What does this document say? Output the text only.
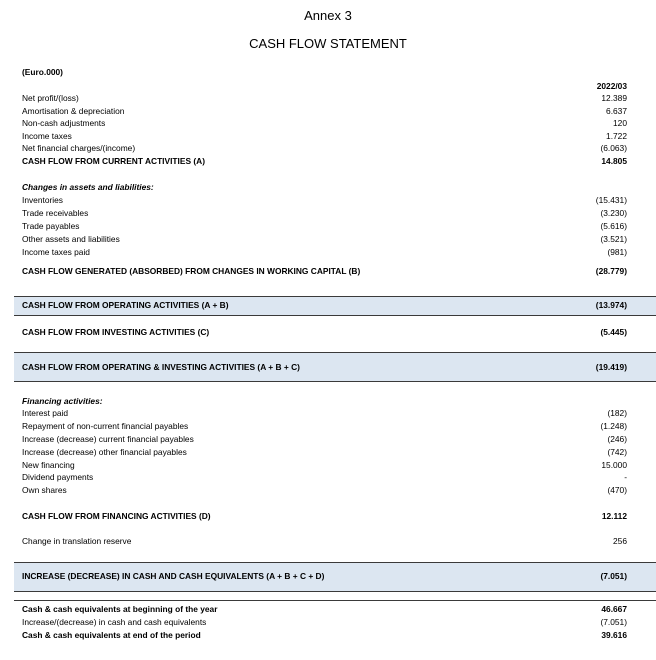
Annex 3
CASH FLOW STATEMENT
(Euro.000)
2022/03
Net profit/(loss)	12.389
Amortisation & depreciation	6.637
Non-cash adjustments	120
Income taxes	1.722
Net financial charges/(income)	(6.063)
CASH FLOW FROM CURRENT ACTIVITIES (A)	14.805
Changes in assets and liabilities:
Inventories	(15.431)
Trade receivables	(3.230)
Trade payables	(5.616)
Other assets and liabilities	(3.521)
Income taxes paid	(981)
CASH FLOW GENERATED (ABSORBED) FROM CHANGES IN WORKING CAPITAL (B)	(28.779)
CASH FLOW FROM OPERATING ACTIVITIES (A + B)	(13.974)
CASH FLOW FROM INVESTING ACTIVITIES (C)	(5.445)
CASH FLOW FROM OPERATING & INVESTING ACTIVITIES (A + B + C)	(19.419)
Financing activities:
Interest paid	(182)
Repayment of non-current financial payables	(1.248)
Increase (decrease) current financial payables	(246)
Increase (decrease) other financial payables	(742)
New financing	15.000
Dividend payments	-
Own shares	(470)
CASH FLOW FROM FINANCING ACTIVITIES (D)	12.112
Change in translation reserve	256
INCREASE (DECREASE) IN CASH AND CASH EQUIVALENTS (A + B + C + D)	(7.051)
Cash & cash equivalents at beginning of the year	46.667
Increase/(decrease) in cash and cash equivalents	(7.051)
Cash & cash equivalents at end of the period	39.616
